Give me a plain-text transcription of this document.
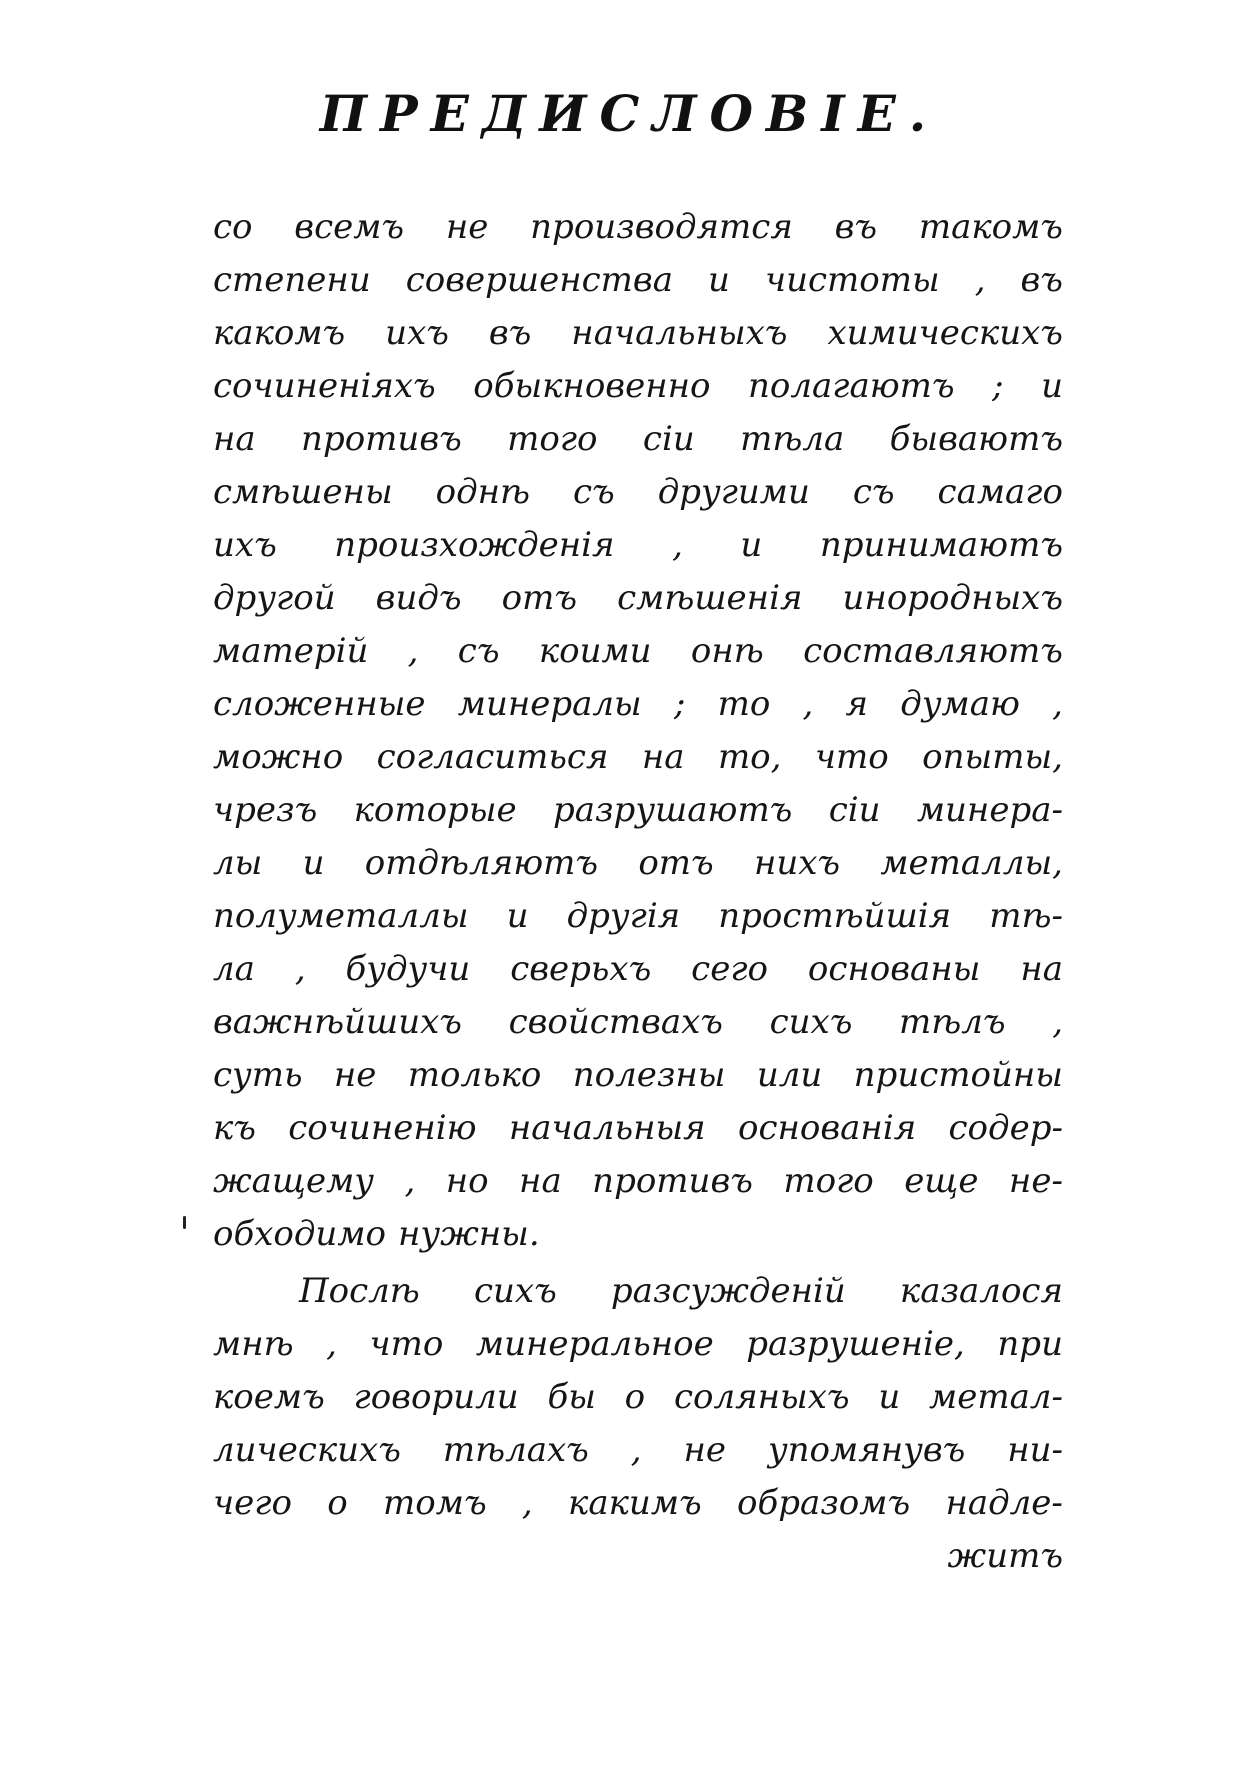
ПРЕДИСЛОВІЕ.
со всемъ не производятся въ такомъ
степени совершенства и чистоты , въ
какомъ ихъ въ начальныхъ химическихъ
сочиненіяхъ обыкновенно полагаютъ ; и
на противъ того сіи тѣла бываютъ
смѣшены однѣ съ другими съ самаго
ихъ произхожденія , и принимаютъ
другой видъ отъ смѣшенія инородныхъ
матерій , съ коими онѣ составляютъ
сложенные минералы ; то , я думаю ,
можно согласиться на то, что опыты,
чрезъ которые разрушаютъ сіи минера-
лы и отдѣляютъ отъ нихъ металлы,
полуметаллы и другія простѣйшія тѣ-
ла , будучи сверьхъ сего основаны на
важнѣйшихъ свойствахъ сихъ тѣлъ ,
суть не только полезны или пристойны
къ сочиненію начальныя основанія содер-
жащему , но на противъ того еще не-
обходимо нужны.
Послѣ сихъ разсужденій казалося
мнѣ , что минеральное разрушеніе, при
коемъ говорили бы о соляныхъ и метал-
лическихъ тѣлахъ , не упомянувъ ни-
чего о томъ , какимъ образомъ надле-
житъ
